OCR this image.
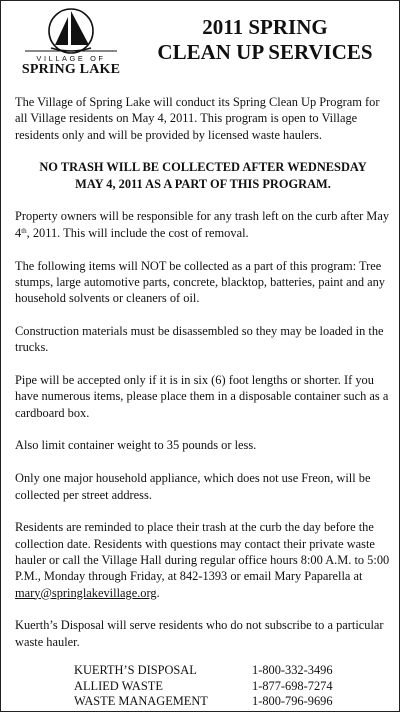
VILLAGE OF
SPRING LAKE
2011 SPRING
CLEAN UP SERVICES

The Village of Spring Lake will conduct its Spring Clean Up Program for all Village residents on May 4, 2011. This program is open to Village residents only and will be provided by licensed waste haulers.

NO TRASH WILL BE COLLECTED AFTER WEDNESDAY
MAY 4, 2011 AS A PART OF THIS PROGRAM.

Property owners will be responsible for any trash left on the curb after May 4th, 2011. This will include the cost of removal.

The following items will NOT be collected as a part of this program: Tree stumps, large automotive parts, concrete, blacktop, batteries, paint and any household solvents or cleaners of oil.

Construction materials must be disassembled so they may be loaded in the trucks.

Pipe will be accepted only if it is in six (6) foot lengths or shorter. If you have numerous items, please place them in a disposable container such as a cardboard box.

Also limit container weight to 35 pounds or less.

Only one major household appliance, which does not use Freon, will be collected per street address.

Residents are reminded to place their trash at the curb the day before the collection date. Residents with questions may contact their private waste hauler or call the Village Hall during regular office hours 8:00 A.M. to 5:00 P.M., Monday through Friday, at 842-1393 or email Mary Paparella at mary@springlakevillage.org.

Kuerth’s Disposal will serve residents who do not subscribe to a particular waste hauler.

KUERTH’S DISPOSAL	1-800-332-3496
ALLIED WASTE	1-877-698-7274
WASTE MANAGEMENT	1-800-796-9696
